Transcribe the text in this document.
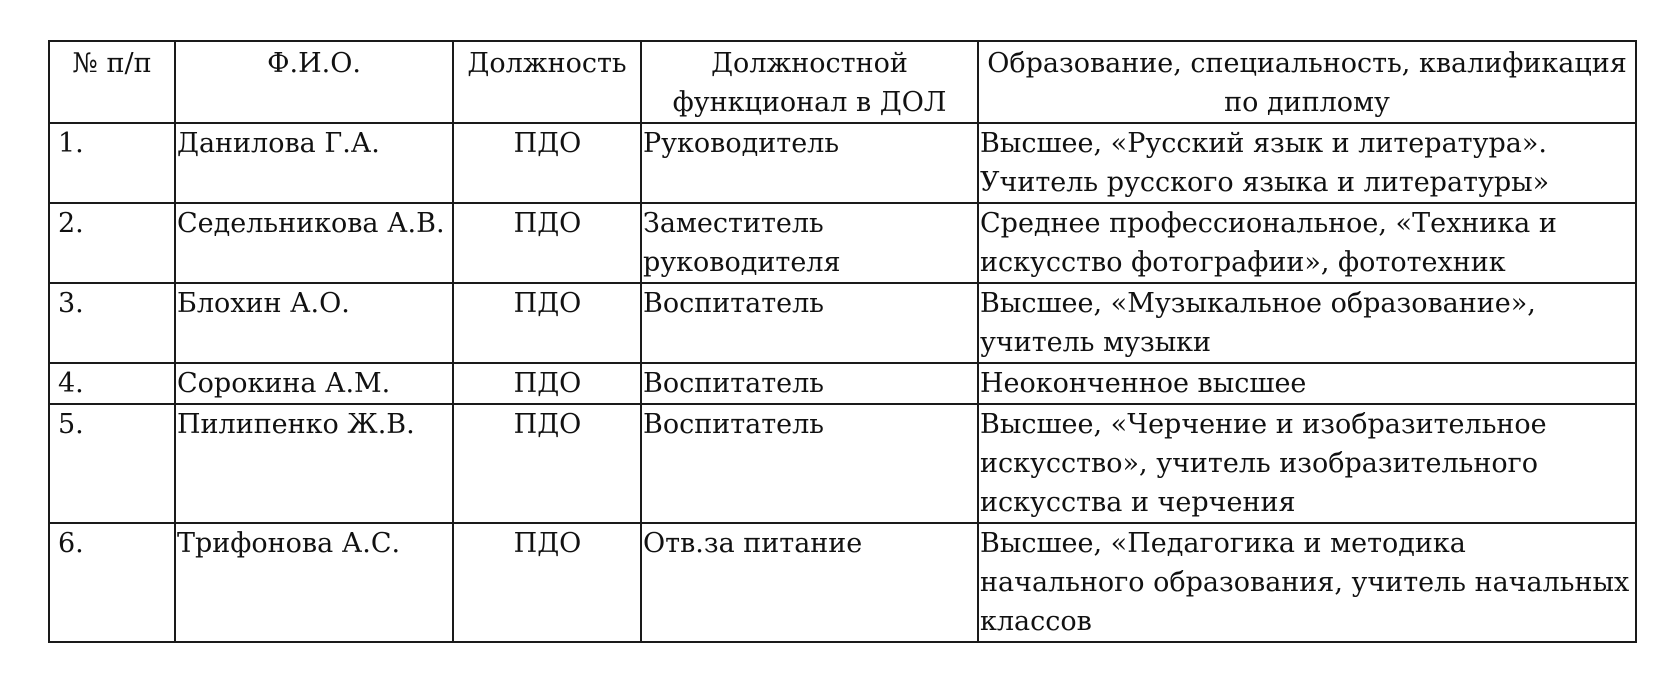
№ п/п	Ф.И.О.	Должность	Должностной функционал в ДОЛ	Образование, специальность, квалификация по диплому
1.	Данилова Г.А.	ПДО	Руководитель	Высшее, «Русский язык и литература». Учитель русского языка и литературы»
2.	Седельникова А.В.	ПДО	Заместитель руководителя	Среднее профессиональное, «Техника и искусство фотографии», фототехник
3.	Блохин А.О.	ПДО	Воспитатель	Высшее, «Музыкальное образование», учитель музыки
4.	Сорокина А.М.	ПДО	Воспитатель	Неоконченное высшее
5.	Пилипенко Ж.В.	ПДО	Воспитатель	Высшее, «Черчение и изобразительное искусство», учитель изобразительного искусства и черчения
6.	Трифонова А.С.	ПДО	Отв.за питание	Высшее, «Педагогика и методика начального образования, учитель начальных классов
